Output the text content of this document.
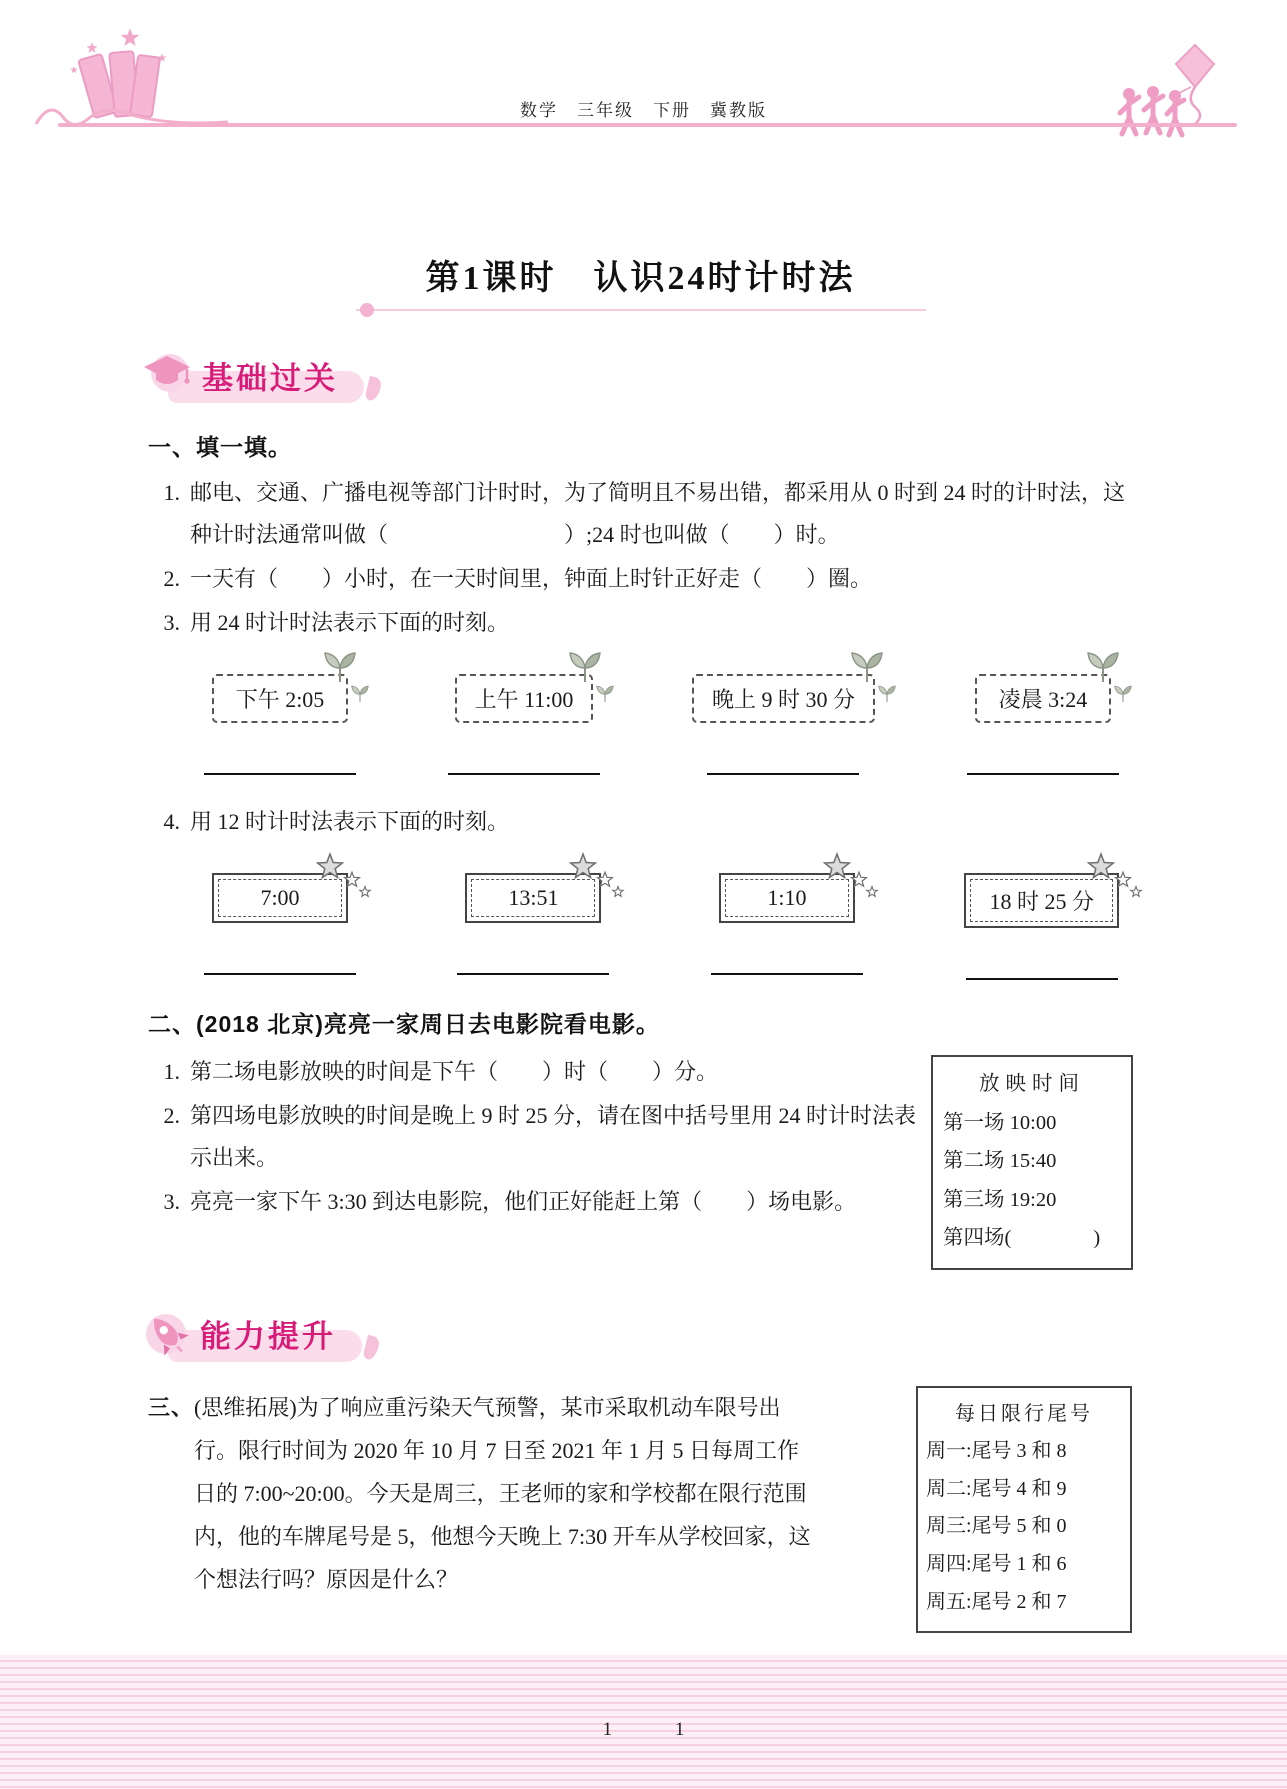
数学　三年级　下册　冀教版
第1课时　认识24时计时法
基础过关
一、填一填。
1. 邮电、交通、广播电视等部门计时时，为了简明且不易出错，都采用从 0 时到 24 时的计时法，这种计时法通常叫做（　　　　　　　　）;24 时也叫做（　　）时。
2. 一天有（　　）小时，在一天时间里，钟面上时针正好走（　　）圈。
3. 用 24 时计时法表示下面的时刻。
下午 2:05	上午 11:00	晚上 9 时 30 分	凌晨 3:24
4. 用 12 时计时法表示下面的时刻。
7:00	13:51	1:10	18 时 25 分
二、(2018 北京)亮亮一家周日去电影院看电影。
1. 第二场电影放映的时间是下午（　　）时（　　）分。
2. 第四场电影放映的时间是晚上 9 时 25 分，请在图中括号里用 24 时计时法表示出来。
3. 亮亮一家下午 3:30 到达电影院，他们正好能赶上第（　　）场电影。
放映时间
第一场 10:00
第二场 15:40
第三场 19:20
第四场(　　　　)
能力提升
三、 (思维拓展)为了响应重污染天气预警，某市采取机动车限号出行。限行时间为 2020 年 10 月 7 日至 2021 年 1 月 5 日每周工作日的 7:00~20:00。今天是周三，王老师的家和学校都在限行范围内，他的车牌尾号是 5，他想今天晚上 7:30 开车从学校回家，这个想法行吗？原因是什么？
每日限行尾号
周一:尾号 3 和 8
周二:尾号 4 和 9
周三:尾号 5 和 0
周四:尾号 1 和 6
周五:尾号 2 和 7
1	1
